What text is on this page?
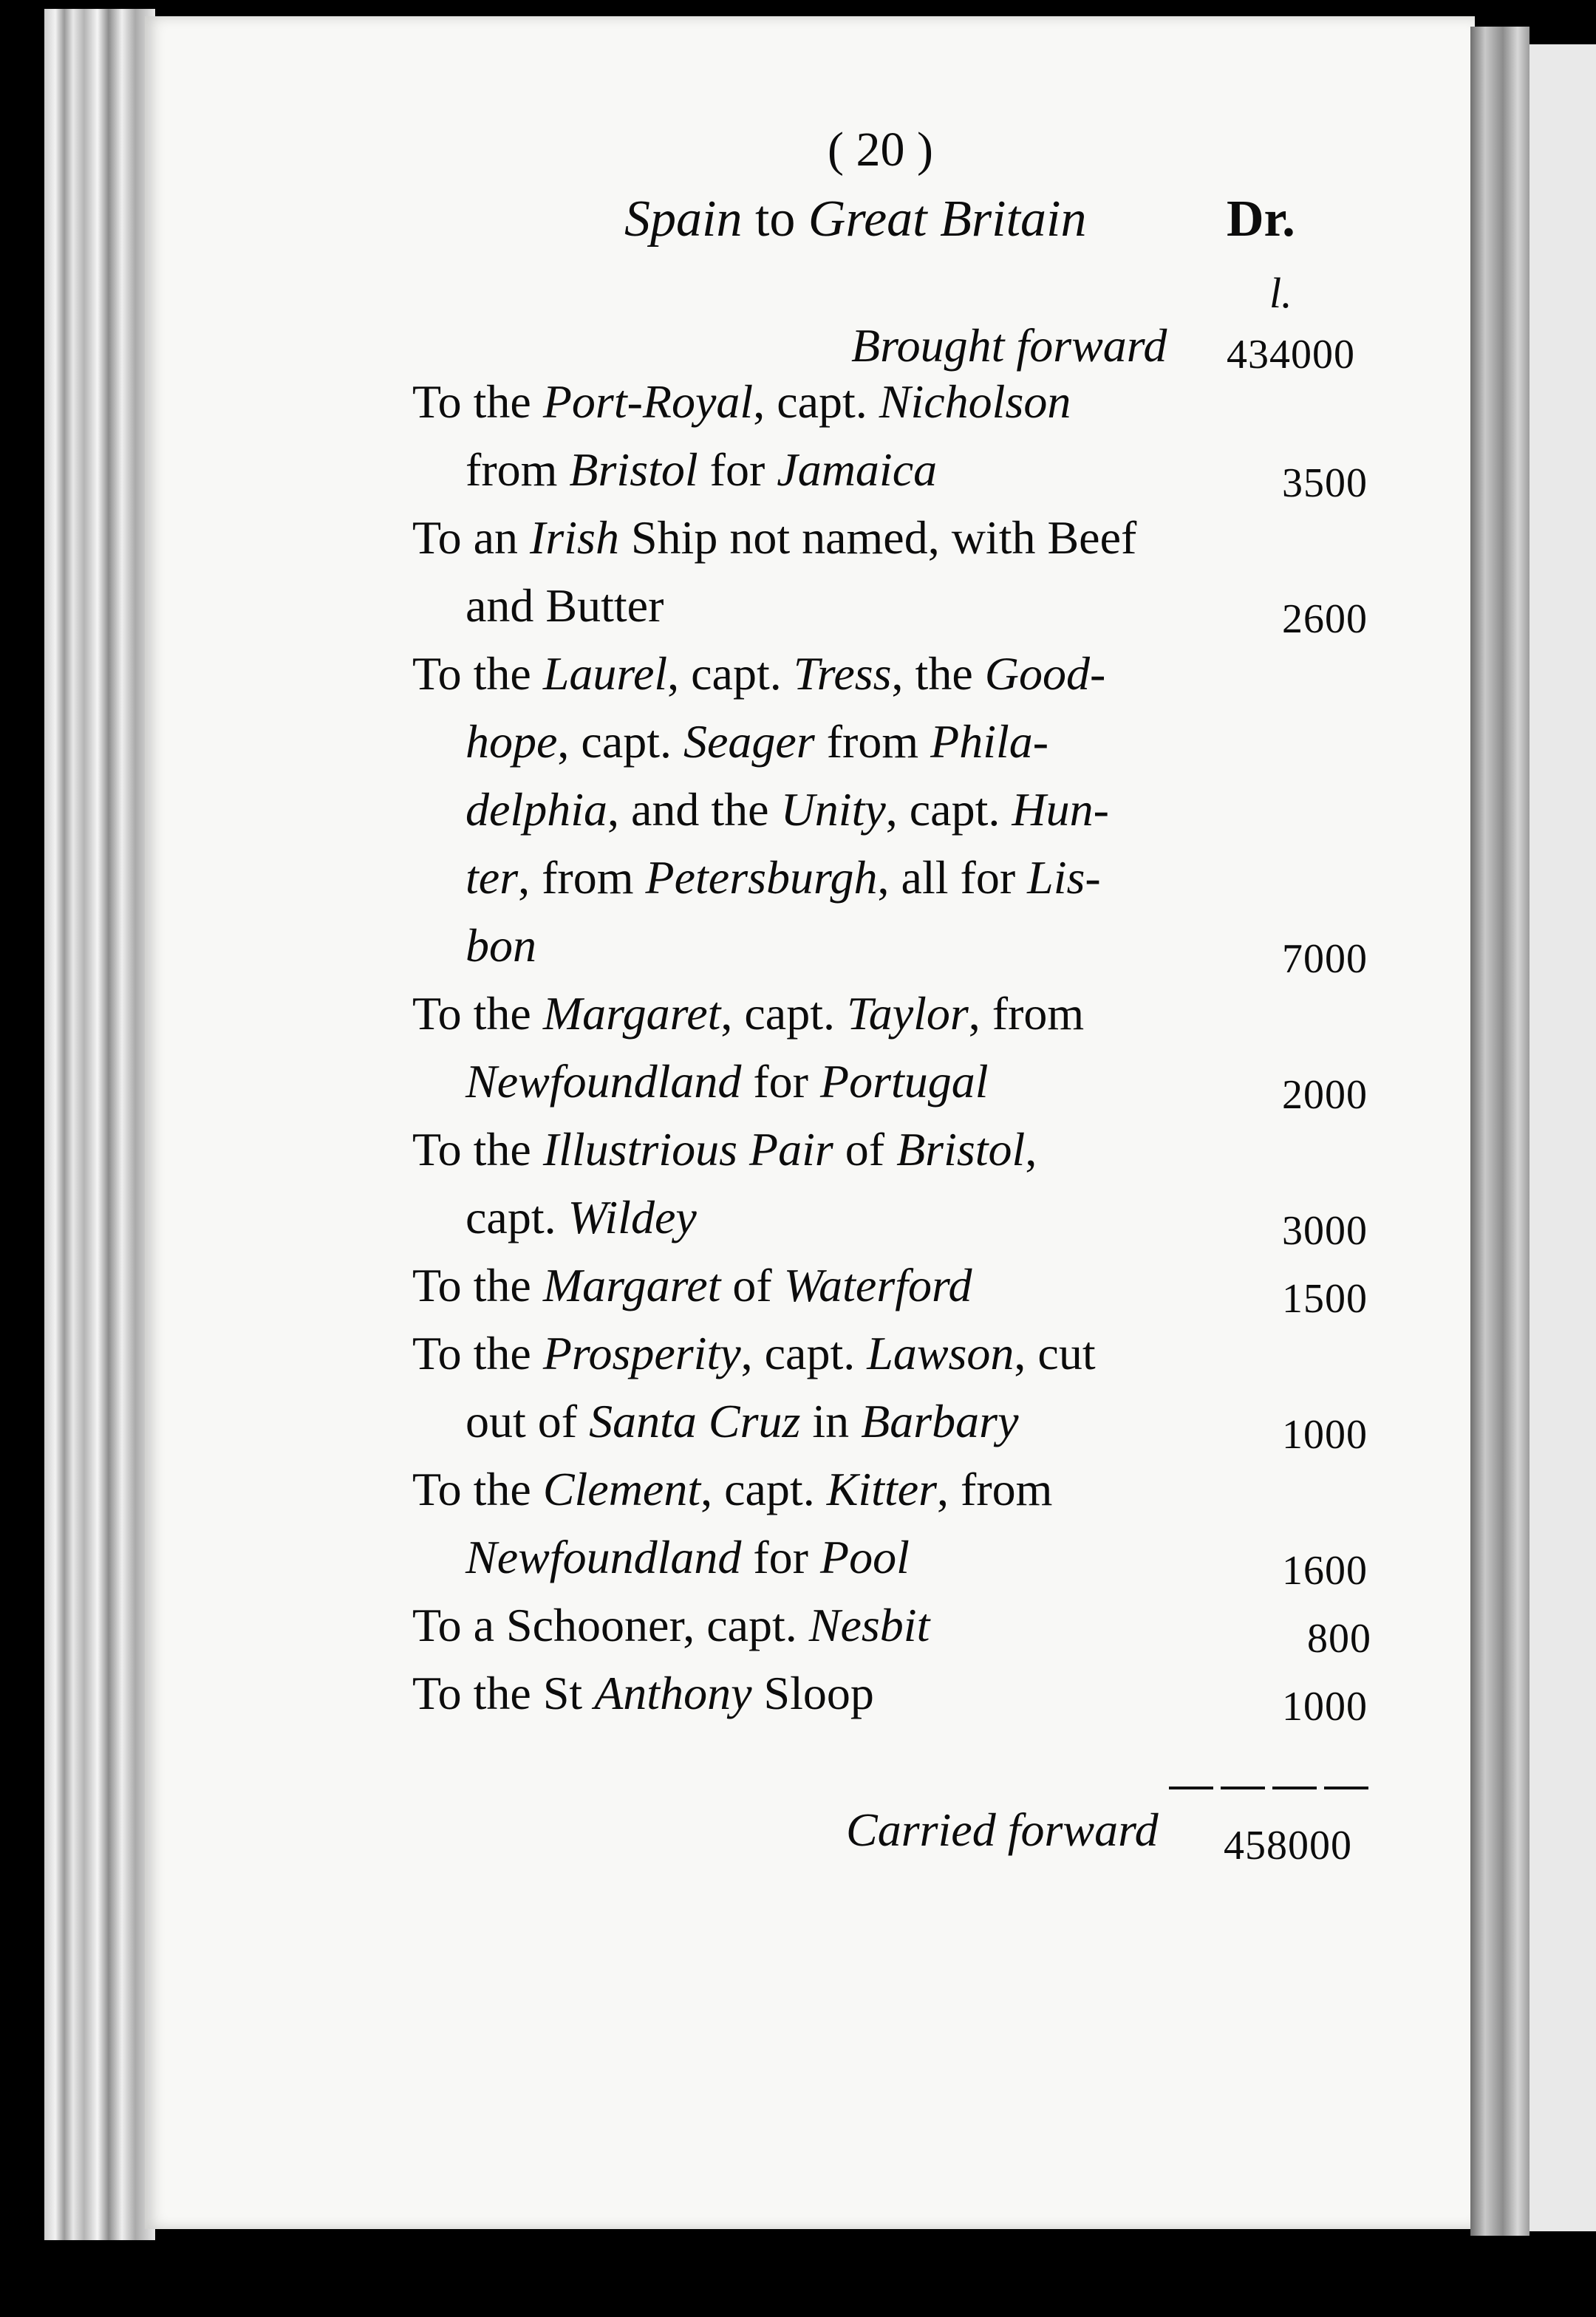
( 20 )
Spain to Great Britain	Dr.
l.
Brought forward 434000
To the Port-Royal, capt. Nicholson
from Bristol for Jamaica	3500
To an Irish Ship not named, with Beef
and Butter	2600
To the Laurel, capt. Tress, the Good-
hope, capt. Seager from Phila-
delphia, and the Unity, capt. Hun-
ter, from Petersburgh, all for Lis-
bon	7000
To the Margaret, capt. Taylor, from
Newfoundland for Portugal	2000
To the Illustrious Pair of Bristol,
capt. Wildey	3000
To the Margaret of Waterford	1500
To the Prosperity, capt. Lawson, cut
out of Santa Cruz in Barbary	1000
To the Clement, capt. Kitter, from
Newfoundland for Pool	1600
To a Schooner, capt. Nesbit	800
To the St Anthony Sloop	1000
Carried forward 458000
